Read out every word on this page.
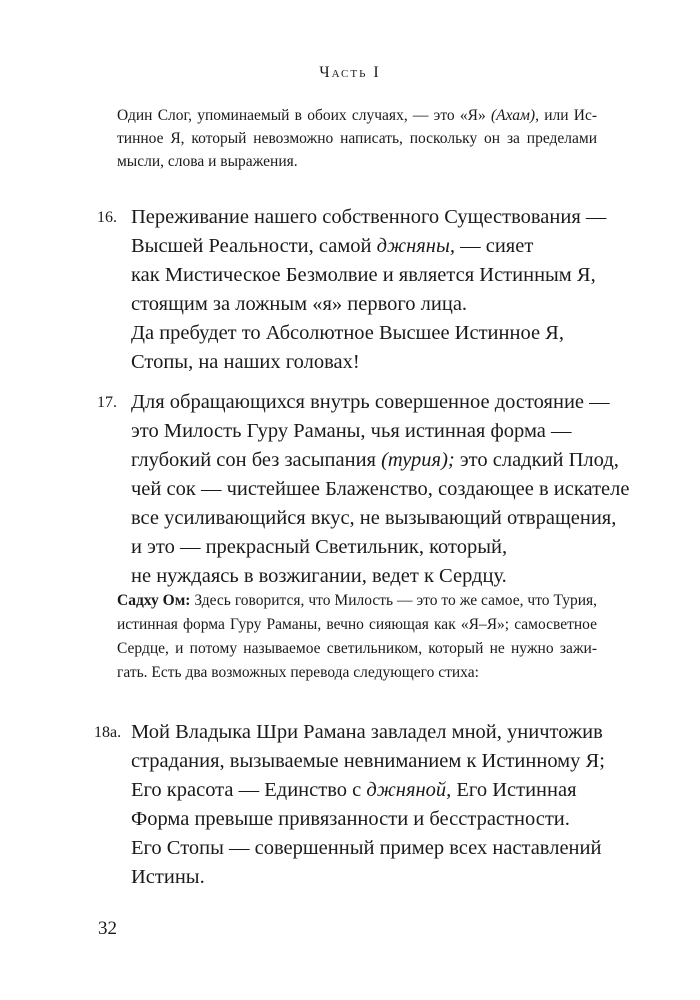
Часть I
Один Слог, упоминаемый в обоих случаях, — это «Я» (Ахам), или Ис-
тинное Я, который невозможно написать, поскольку он за пределами
мысли, слова и выражения.
16. Переживание нашего собственного Существования —
Высшей Реальности, самой джняны, — сияет
как Мистическое Безмолвие и является Истинным Я,
стоящим за ложным «я» первого лица.
Да пребудет то Абсолютное Высшее Истинное Я,
Стопы, на наших головах!
17. Для обращающихся внутрь совершенное достояние —
это Милость Гуру Раманы, чья истинная форма —
глубокий сон без засыпания (турия); это сладкий Плод,
чей сок — чистейшее Блаженство, создающее в искателе
все усиливающийся вкус, не вызывающий отвращения,
и это — прекрасный Светильник, который,
не нуждаясь в возжигании, ведет к Сердцу.
Садху Ом: Здесь говорится, что Милость — это то же самое, что Турия,
истинная форма Гуру Раманы, вечно сияющая как «Я–Я»; самосветное
Сердце, и потому называемое светильником, который не нужно зажи-
гать. Есть два возможных перевода следующего стиха:
18а. Мой Владыка Шри Рамана завладел мной, уничтожив
страдания, вызываемые невниманием к Истинному Я;
Его красота — Единство с джняной, Его Истинная
Форма превыше привязанности и бесстрастности.
Его Стопы — совершенный пример всех наставлений
Истины.
32
